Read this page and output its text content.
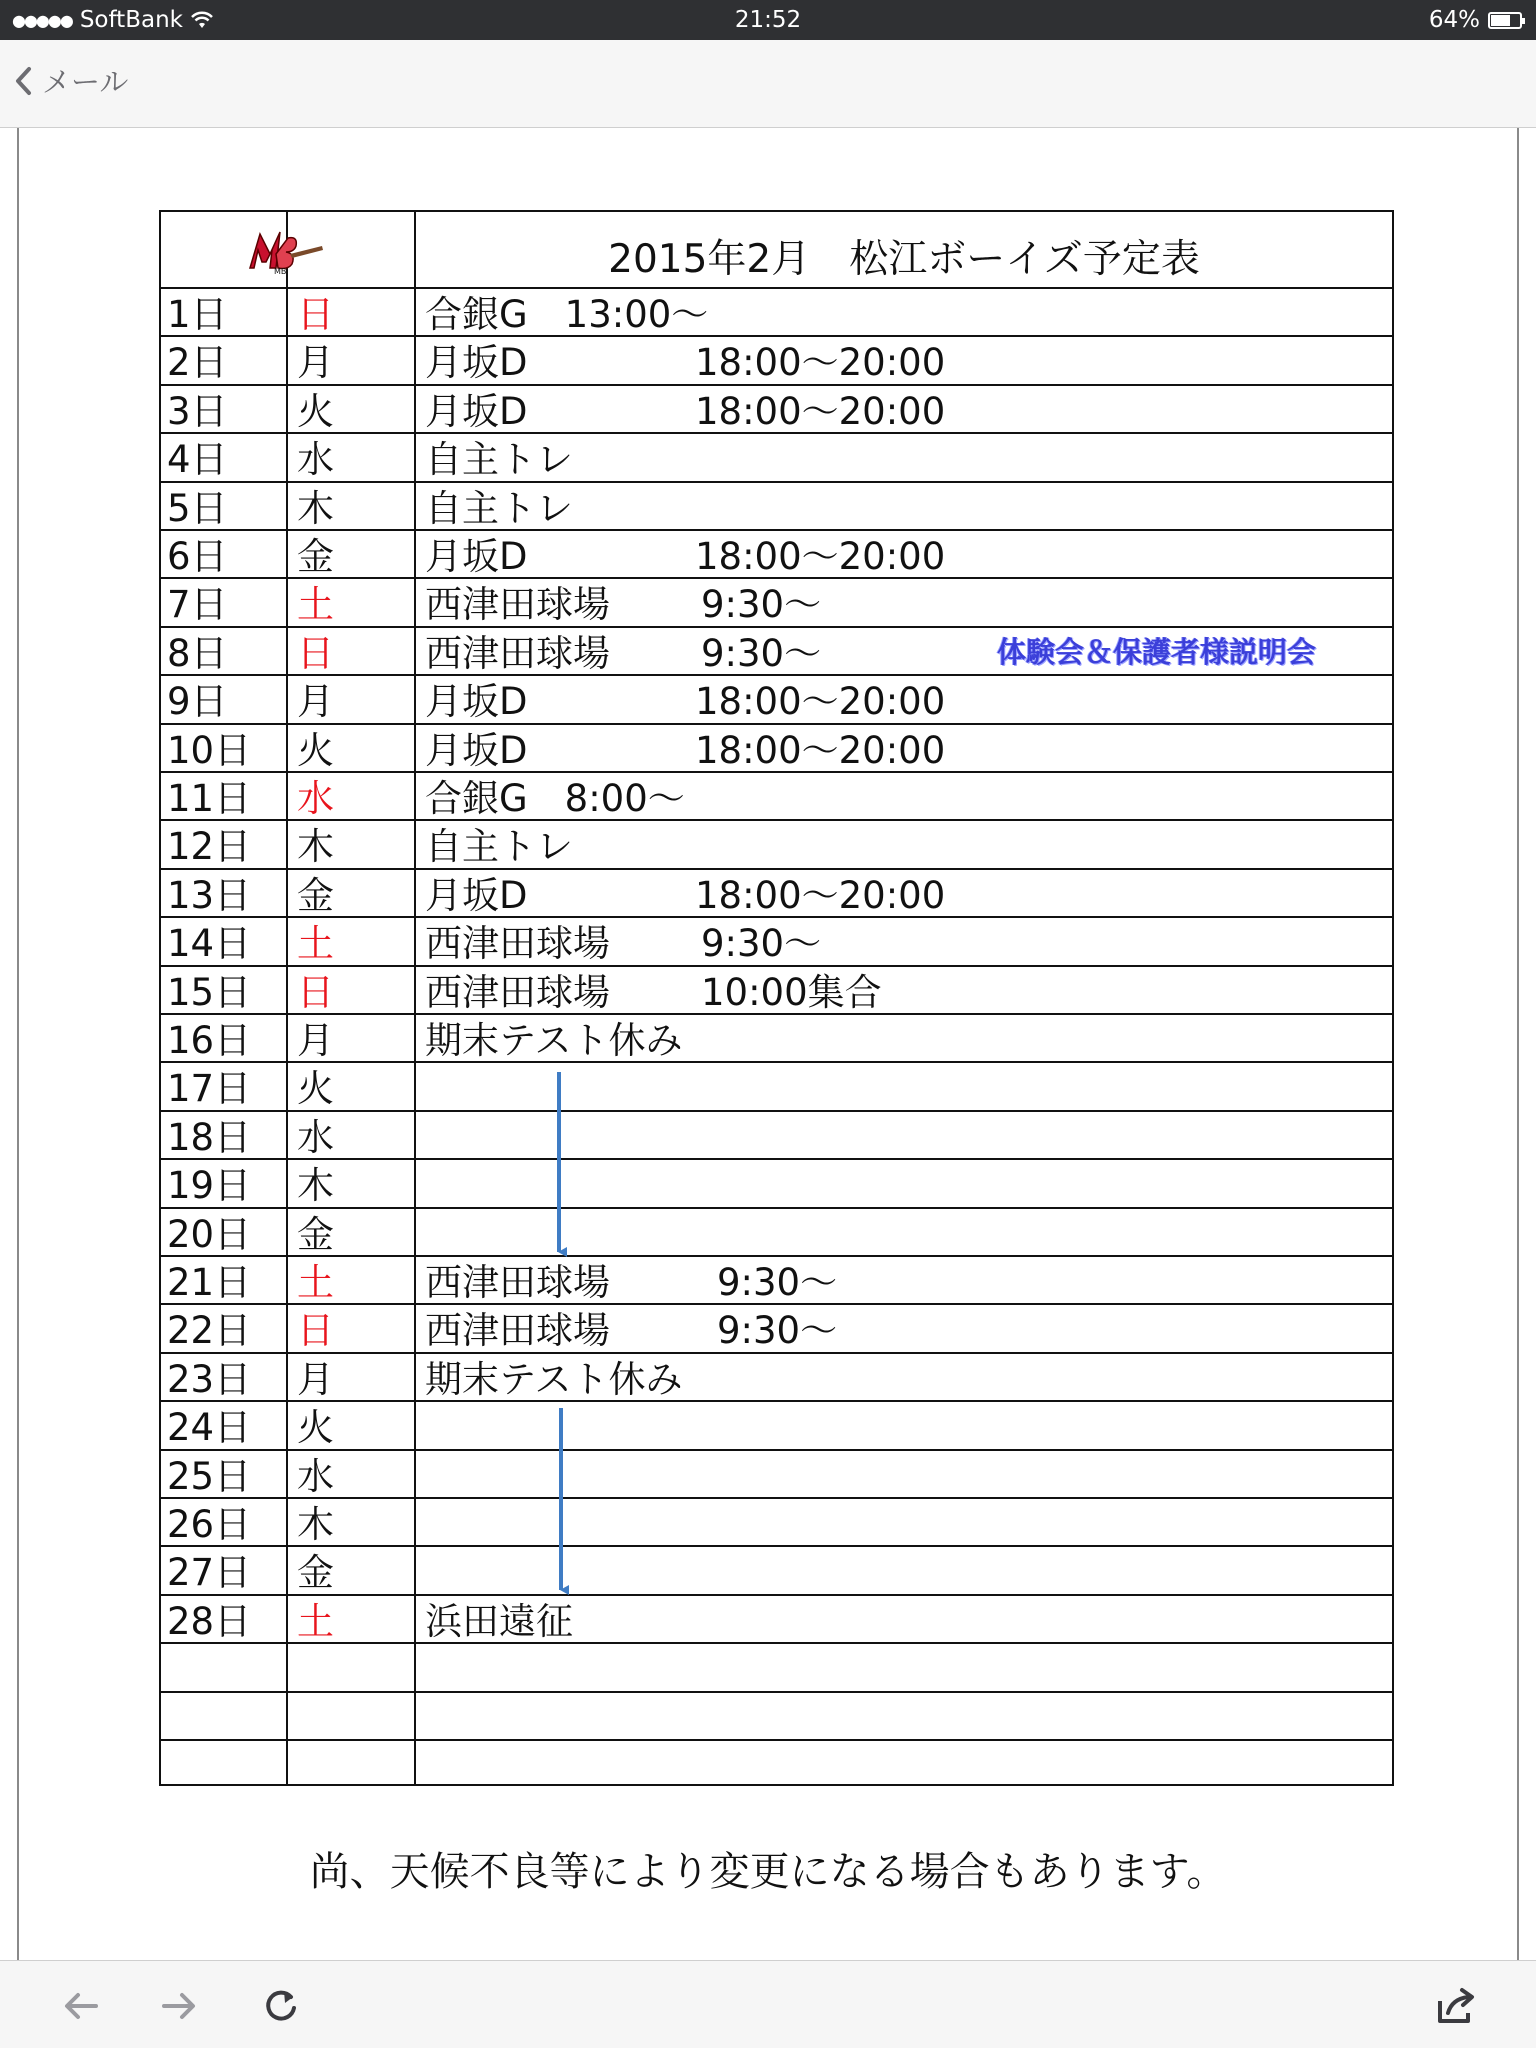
●●●●● SoftBank	21:52	64%
メール
MB	2015年2月　松江ボーイズ予定表
1日 日 合銀G　13:00〜
2日 月 月坂D	18:00〜20:00
3日 火 月坂D	18:00〜20:00
4日 水 自主トレ
5日 木 自主トレ
6日 金 月坂D	18:00〜20:00
7日 土 西津田球場 9:30〜
8日 日 西津田球場 9:30〜	体験会＆保護者様説明会
9日 月 月坂D	18:00〜20:00
10日 火 月坂D	18:00〜20:00
11日 水 合銀G　8:00〜
12日 木 自主トレ
13日 金 月坂D	18:00〜20:00
14日 土 西津田球場 9:30〜
15日 日 西津田球場 10:00集合
16日 月 期末テスト休み
17日 火
18日 水
19日 木
20日 金
21日 土 西津田球場	9:30〜
22日 日 西津田球場	9:30〜
23日 月 期末テスト休み
24日 火
25日 水
26日 木
27日 金
28日 土 浜田遠征
尚、天候不良等により変更になる場合もあります。
